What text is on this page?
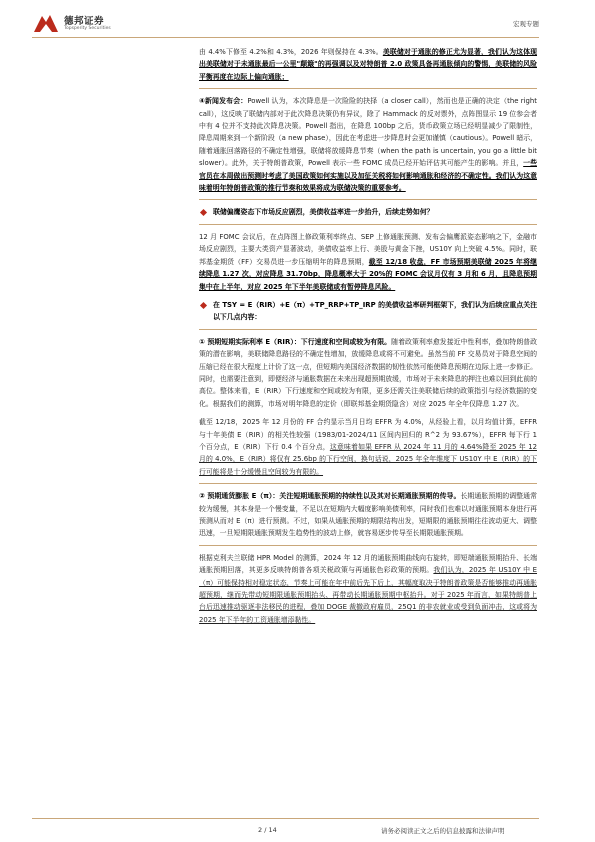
德邦证券
Topsperity Securities
宏观专题

由 4.4%下修至 4.2%和 4.3%，2026 年则保持在 4.3%。美联储对于通胀的修正尤为显著，我们认为这体现出美联储对于未通胀最后一公里"颠簸"的再强调以及对特朗普 2.0 政策具备再通胀倾向的警惕，美联储的风险平衡再度在边际上偏向通胀；

④新闻发布会：Powell 认为，本次降息是一次险险的抉择（a closer call），然而也是正确的决定（the right call），这反映了联储内部对于此次降息决策仍有异议，除了 Hammack 的反对票外，点阵图显示 19 位参会者中有 4 位并不支持此次降息决策。Powell 指出，在降息 100bp 之后，货币政策立场已经明显减少了限制性，降息周期来到一个新阶段（a new phase），因此在考虑进一步降息时会更加谨慎（cautious）。Powell 暗示，随着通胀回落路径的不确定性增强，联储将放缓降息节奏（when the path is uncertain, you go a little bit slower）。此外，关于特朗普政策，Powell 表示一些 FOMC 成员已经开始评估其可能产生的影响。并且，一些官员在本周做出预测时考虑了美国政策如何实施以及加征关税将如何影响通胀和经济的不确定性。我们认为这意味着明年特朗普政策的推行节奏和效果将成为联储决策的重要参考。

联储偏鹰姿态下市场反应剧烈，美债收益率进一步抬升，后续走势如何？

12 月 FOMC 会议后，在点阵图上修政策利率终点、SEP 上修通胀预测、发布会偏鹰派姿态影响之下，金融市场反应剧烈，主要大类资产显著波动，美债收益率上行、美股与黄金下挫，US10Y 向上突破 4.5%。同时，联邦基金期货（FF）交易员进一步压缩明年的降息预期，截至 12/18 收盘，FF 市场预期美联储 2025 年将继续降息 1.27 次，对应降息 31.70bp，降息概率大于 20%的 FOMC 会议月仅有 3 月和 6 月，且降息预期集中在上半年，对应 2025 年下半年美联储或有暂停降息风险。

在 TSY = E（RIR）+E（π）+TP_RRP+TP_IRP 的美债收益率研判框架下，我们认为后续应重点关注以下几点内容：

① 预期短期实际利率 E（RIR）：下行速度和空间或较为有限。随着政策利率愈发接近中性利率，叠加特朗普政策的潜在影响，美联储降息路径的不确定性增加，放缓降息或将不可避免。虽然当前 FF 交易员对于降息空间的压缩已经在很大程度上计价了这一点，但短期内美国经济数据的韧性依然可能使降息预期在边际上进一步修正。同时，也需要注意到，即便经济与通胀数据在未来出现超预期放缓，市场对于未来降息的押注也难以回到此前的高位。整体来看，E（RIR）下行速度和空间或较为有限，更多还需关注美联储后续的政策指引与经济数据的变化。根据我们的测算，市场对明年降息的定价（即联邦基金期货隐含）对应 2025 年全年仅降息 1.27 次。

截至 12/18，2025 年 12 月份的 FF 合约显示当月日均 EFFR 为 4.0%，从经验上看，以月均值计算，EFFR 与十年美债 E（RIR）的相关性较强（1983/01-2024/11 区间内回归的 R^2 为 93.67%），EFFR 每下行 1 个百分点，E（RIR）下行 0.4 个百分点，这意味着如果 EFFR 从 2024 年 11 月的 4.64%降至 2025 年 12 月的 4.0%，E（RIR）将仅有 25.6bp 的下行空间，换句话说，2025 年全年维度下 US10Y 中 E（RIR）的下行可能将是十分缓慢且空间较为有限的。

② 预期通货膨胀 E（π）：关注短期通胀预期的持续性以及其对长期通胀预期的传导。长期通胀预期的调整通常较为缓慢，其本身是一个慢变量，不足以在短期内大幅度影响美债利率，同时我们也难以对通胀预期本身进行再预测从而对 E（π）进行预测。不过，如果从通胀预期的期限结构出发，短期限的通胀预期往往波动更大、调整迅速，一旦短期限通胀预期发生趋势性的波动上修，就容易逐步传导至长期限通胀预期。

根据克利夫兰联储 HPR Model 的测算，2024 年 12 月的通胀预期曲线向右旋转，即短端通胀预期抬升、长端通胀预期回落，其更多反映特朗普各项关税政策与再通胀色彩政策的预期。我们认为，2025 年 US10Y 中 E（π）可能保持相对稳定状态，节奏上可能在年中前后先下后上，其幅度取决于特朗普政策是否能够推动再通胀超预期，继而先带动短期限通胀预期抬头、再带动长期通胀预期中枢抬升。对于 2025 年而言，如果特朗普上台后迅速推动驱逐非法移民的进程，叠加 DOGE 裁撤政府雇员，25Q1 的非农就业或受到负面冲击，这或将为 2025 年下半年的工资通胀增添黏性。

2 / 14	请务必阅读正文之后的信息披露和法律声明
